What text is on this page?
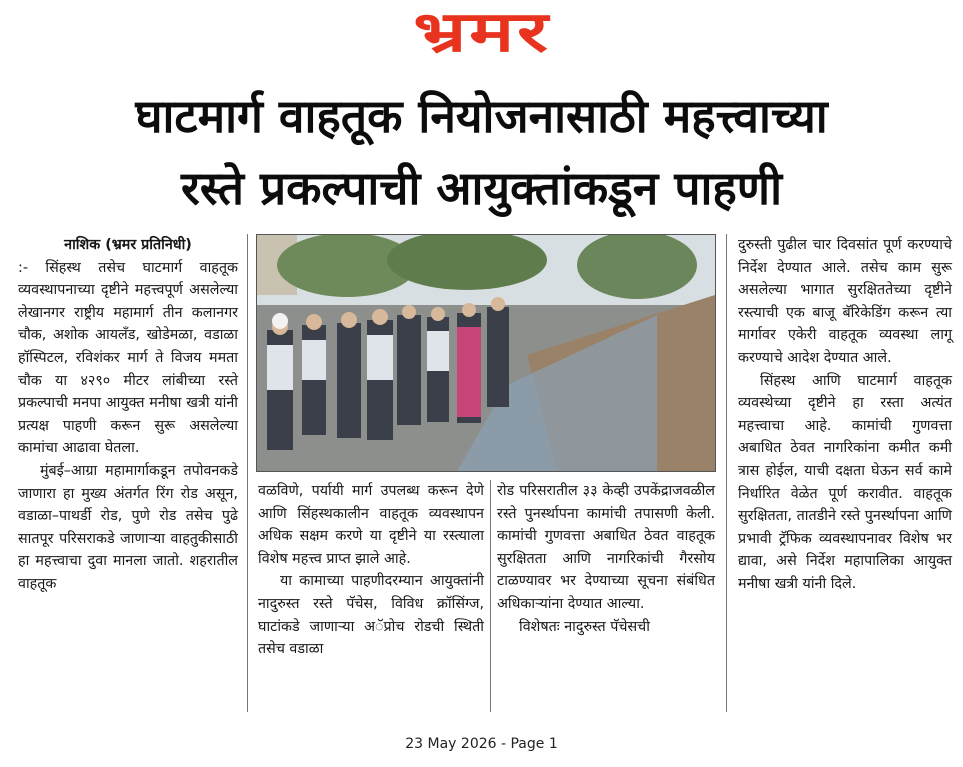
भ्रमर
घाटमार्ग वाहतूक नियोजनासाठी महत्त्वाच्या
रस्ते प्रकल्पाची आयुक्तांकडून पाहणी
नाशिक (भ्रमर प्रतिनिधी)

:- सिंहस्थ तसेच घाटमार्ग वाहतूक व्यवस्थापनाच्या दृष्टीने महत्त्वपूर्ण असलेल्या लेखानगर राष्ट्रीय महामार्ग तीन कलानगर चौक, अशोक आयलँड, खोडेमळा, वडाळा हॉस्पिटल, रविशंकर मार्ग ते विजय ममता चौक या ४२९० मीटर लांबीच्या रस्ते प्रकल्पाची मनपा आयुक्त मनीषा खत्री यांनी प्रत्यक्ष पाहणी करून सुरू असलेल्या कामांचा आढावा घेतला.

मुंबई–आग्रा महामार्गाकडून तपोवनकडे जाणारा हा मुख्य अंतर्गत रिंग रोड असून, वडाळा–पाथर्डी रोड, पुणे रोड तसेच पुढे सातपूर परिसराकडे जाणाऱ्या वाहतुकीसाठी हा महत्त्वाचा दुवा मानला जातो. शहरातील वाहतूक

वळविणे, पर्यायी मार्ग उपलब्ध करून देणे आणि सिंहस्थकालीन वाहतूक व्यवस्थापन अधिक सक्षम करणे या दृष्टीने या रस्त्याला विशेष महत्त्व प्राप्त झाले आहे.

या कामाच्या पाहणीदरम्यान आयुक्तांनी नादुरुस्त रस्ते पॅचेस, विविध क्रॉसिंग्ज, घाटांकडे जाणाऱ्या अॅप्रोच रोडची स्थिती तसेच वडाळा

रोड परिसरातील ३३ केव्ही उपकेंद्राजवळील रस्ते पुनर्स्थापना कामांची तपासणी केली. कामांची गुणवत्ता अबाधित ठेवत वाहतूक सुरक्षितता आणि नागरिकांची गैरसोय टाळण्यावर भर देण्याच्या सूचना संबंधित अधिकाऱ्यांना देण्यात आल्या.

विशेषतः नादुरुस्त पॅचेसची

दुरुस्ती पुढील चार दिवसांत पूर्ण करण्याचे निर्देश देण्यात आले. तसेच काम सुरू असलेल्या भागात सुरक्षिततेच्या दृष्टीने रस्त्याची एक बाजू बॅरिकेडिंग करून त्या मार्गावर एकेरी वाहतूक व्यवस्था लागू करण्याचे आदेश देण्यात आले.

सिंहस्थ आणि घाटमार्ग वाहतूक व्यवस्थेच्या दृष्टीने हा रस्ता अत्यंत महत्त्वाचा आहे. कामांची गुणवत्ता अबाधित ठेवत नागरिकांना कमीत कमी त्रास होईल, याची दक्षता घेऊन सर्व कामे निर्धारित वेळेत पूर्ण करावीत. वाहतूक सुरक्षितता, तातडीने रस्ते पुनर्स्थापना आणि प्रभावी ट्रॅफिक व्यवस्थापनावर विशेष भर द्यावा, असे निर्देश महापालिका आयुक्त मनीषा खत्री यांनी दिले.

23 May 2026 - Page 1
